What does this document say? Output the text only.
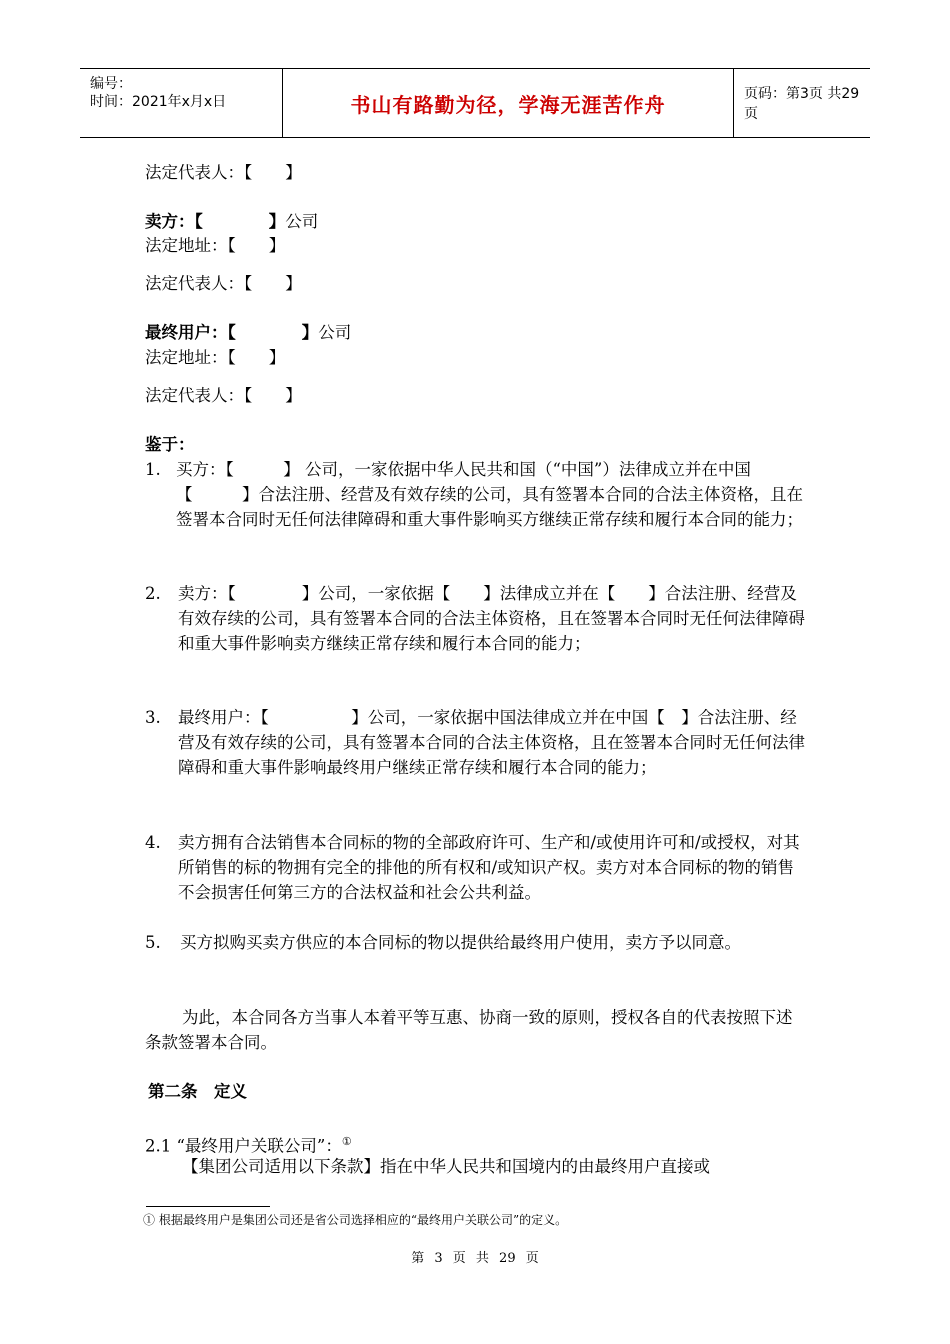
编号：
时间：2021年x月x日	书山有路勤为径，学海无涯苦作舟	页码：第3页 共29页
法定代表人：【　　】
卖方：【　　　　】公司
法定地址：【　　】
法定代表人：【　　】
最终用户：【　　　　】公司
法定地址：【　　】
法定代表人：【　　】
鉴于：
1. 买方：【　　　】 公司，一家依据中华人民共和国（“中国”）法律成立并在中国【　　　】合法注册、经营及有效存续的公司，具有签署本合同的合法主体资格，且在签署本合同时无任何法律障碍和重大事件影响买方继续正常存续和履行本合同的能力；
2. 卖方：【　　　　】公司，一家依据【　　】法律成立并在【　　】合法注册、经营及有效存续的公司，具有签署本合同的合法主体资格，且在签署本合同时无任何法律障碍和重大事件影响卖方继续正常存续和履行本合同的能力；
3. 最终用户：【　　　　　】公司，一家依据中国法律成立并在中国【　】合法注册、经营及有效存续的公司，具有签署本合同的合法主体资格，且在签署本合同时无任何法律障碍和重大事件影响最终用户继续正常存续和履行本合同的能力；
4. 卖方拥有合法销售本合同标的物的全部政府许可、生产和/或使用许可和/或授权，对其所销售的标的物拥有完全的排他的所有权和/或知识产权。卖方对本合同标的物的销售不会损害任何第三方的合法权益和社会公共利益。
5. 买方拟购买卖方供应的本合同标的物以提供给最终用户使用，卖方予以同意。
为此，本合同各方当事人本着平等互惠、协商一致的原则，授权各自的代表按照下述条款签署本合同。
第二条　定义
2.1 “最终用户关联公司”：①
【集团公司适用以下条款】指在中华人民共和国境内的由最终用户直接或
① 根据最终用户是集团公司还是省公司选择相应的“最终用户关联公司”的定义。
第 3 页 共 29 页
